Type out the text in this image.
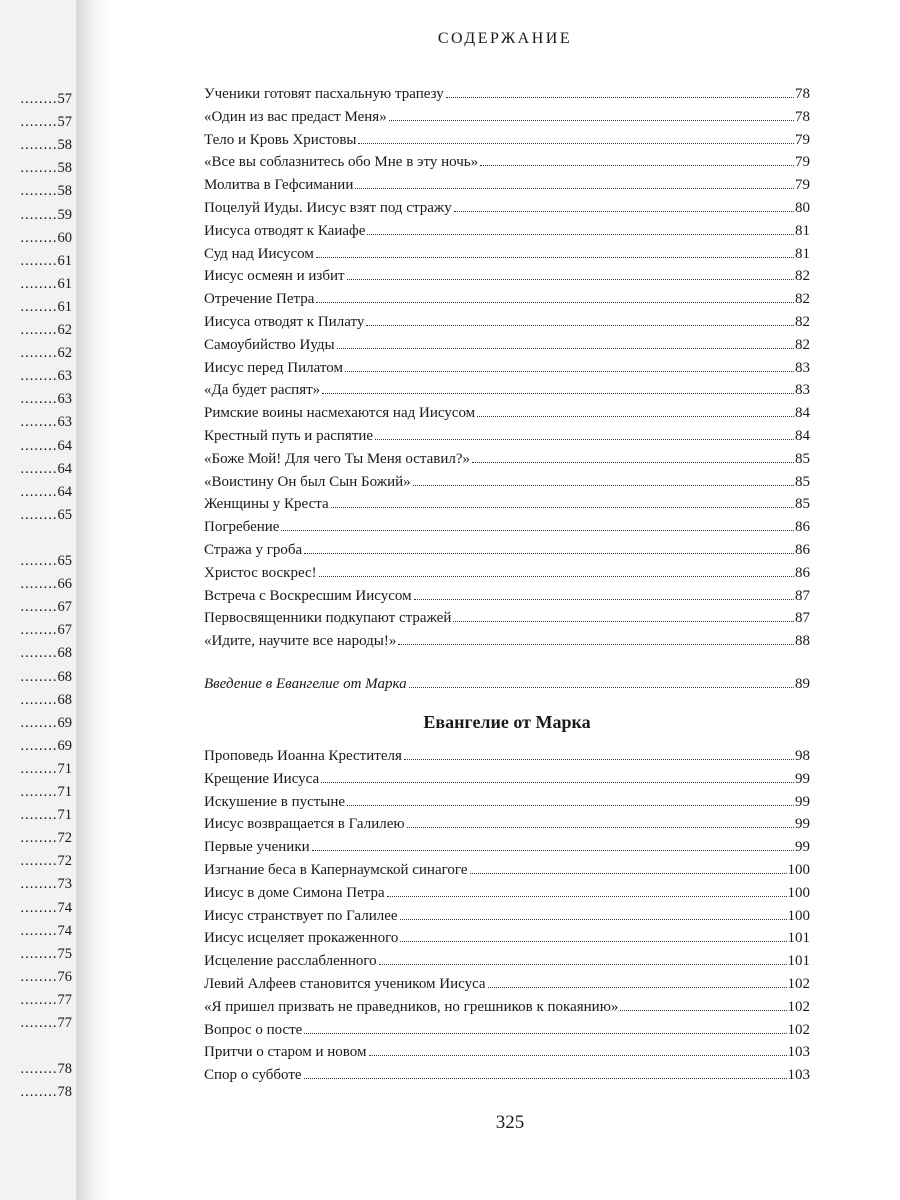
........57
........57
........58
........58
........58
........59
........60
........61
........61
........61
........62
........62
........63
........63
........63
........64
........64
........64
........65
........65
........66
........67
........67
........68
........68
........68
........69
........69
........71
........71
........71
........72
........72
........73
........74
........74
........75
........76
........77
........77
........78
........78
СОДЕРЖАНИЕ
Ученики готовят пасхальную трапезу	78
«Один из вас предаст Меня»	78
Тело и Кровь Христовы	79
«Все вы соблазнитесь обо Мне в эту ночь»	79
Молитва в Гефсимании	79
Поцелуй Иуды. Иисус взят под стражу	80
Иисуса отводят к Каиафе	81
Суд над Иисусом	81
Иисус осмеян и избит	82
Отречение Петра	82
Иисуса отводят к Пилату	82
Самоубийство Иуды	82
Иисус перед Пилатом	83
«Да будет распят»	83
Римские воины насмехаются над Иисусом	84
Крестный путь и распятие	84
«Боже Мой! Для чего Ты Меня оставил?»	85
«Воистину Он был Сын Божий»	85
Женщины у Креста	85
Погребение	86
Стража у гроба	86
Христос воскрес!	86
Встреча с Воскресшим Иисусом	87
Первосвященники подкупают стражей	87
«Идите, научите все народы!»	88
Введение в Евангелие от Марка	89
Евангелие от Марка
Проповедь Иоанна Крестителя	98
Крещение Иисуса	99
Искушение в пустыне	99
Иисус возвращается в Галилею	99
Первые ученики	99
Изгнание беса в Капернаумской синагоге	100
Иисус в доме Симона Петра	100
Иисус странствует по Галилее	100
Иисус исцеляет прокаженного	101
Исцеление расслабленного	101
Левий Алфеев становится учеником Иисуса	102
«Я пришел призвать не праведников, но грешников к покаянию»	102
Вопрос о посте	102
Притчи о старом и новом	103
Спор о субботе	103
325
